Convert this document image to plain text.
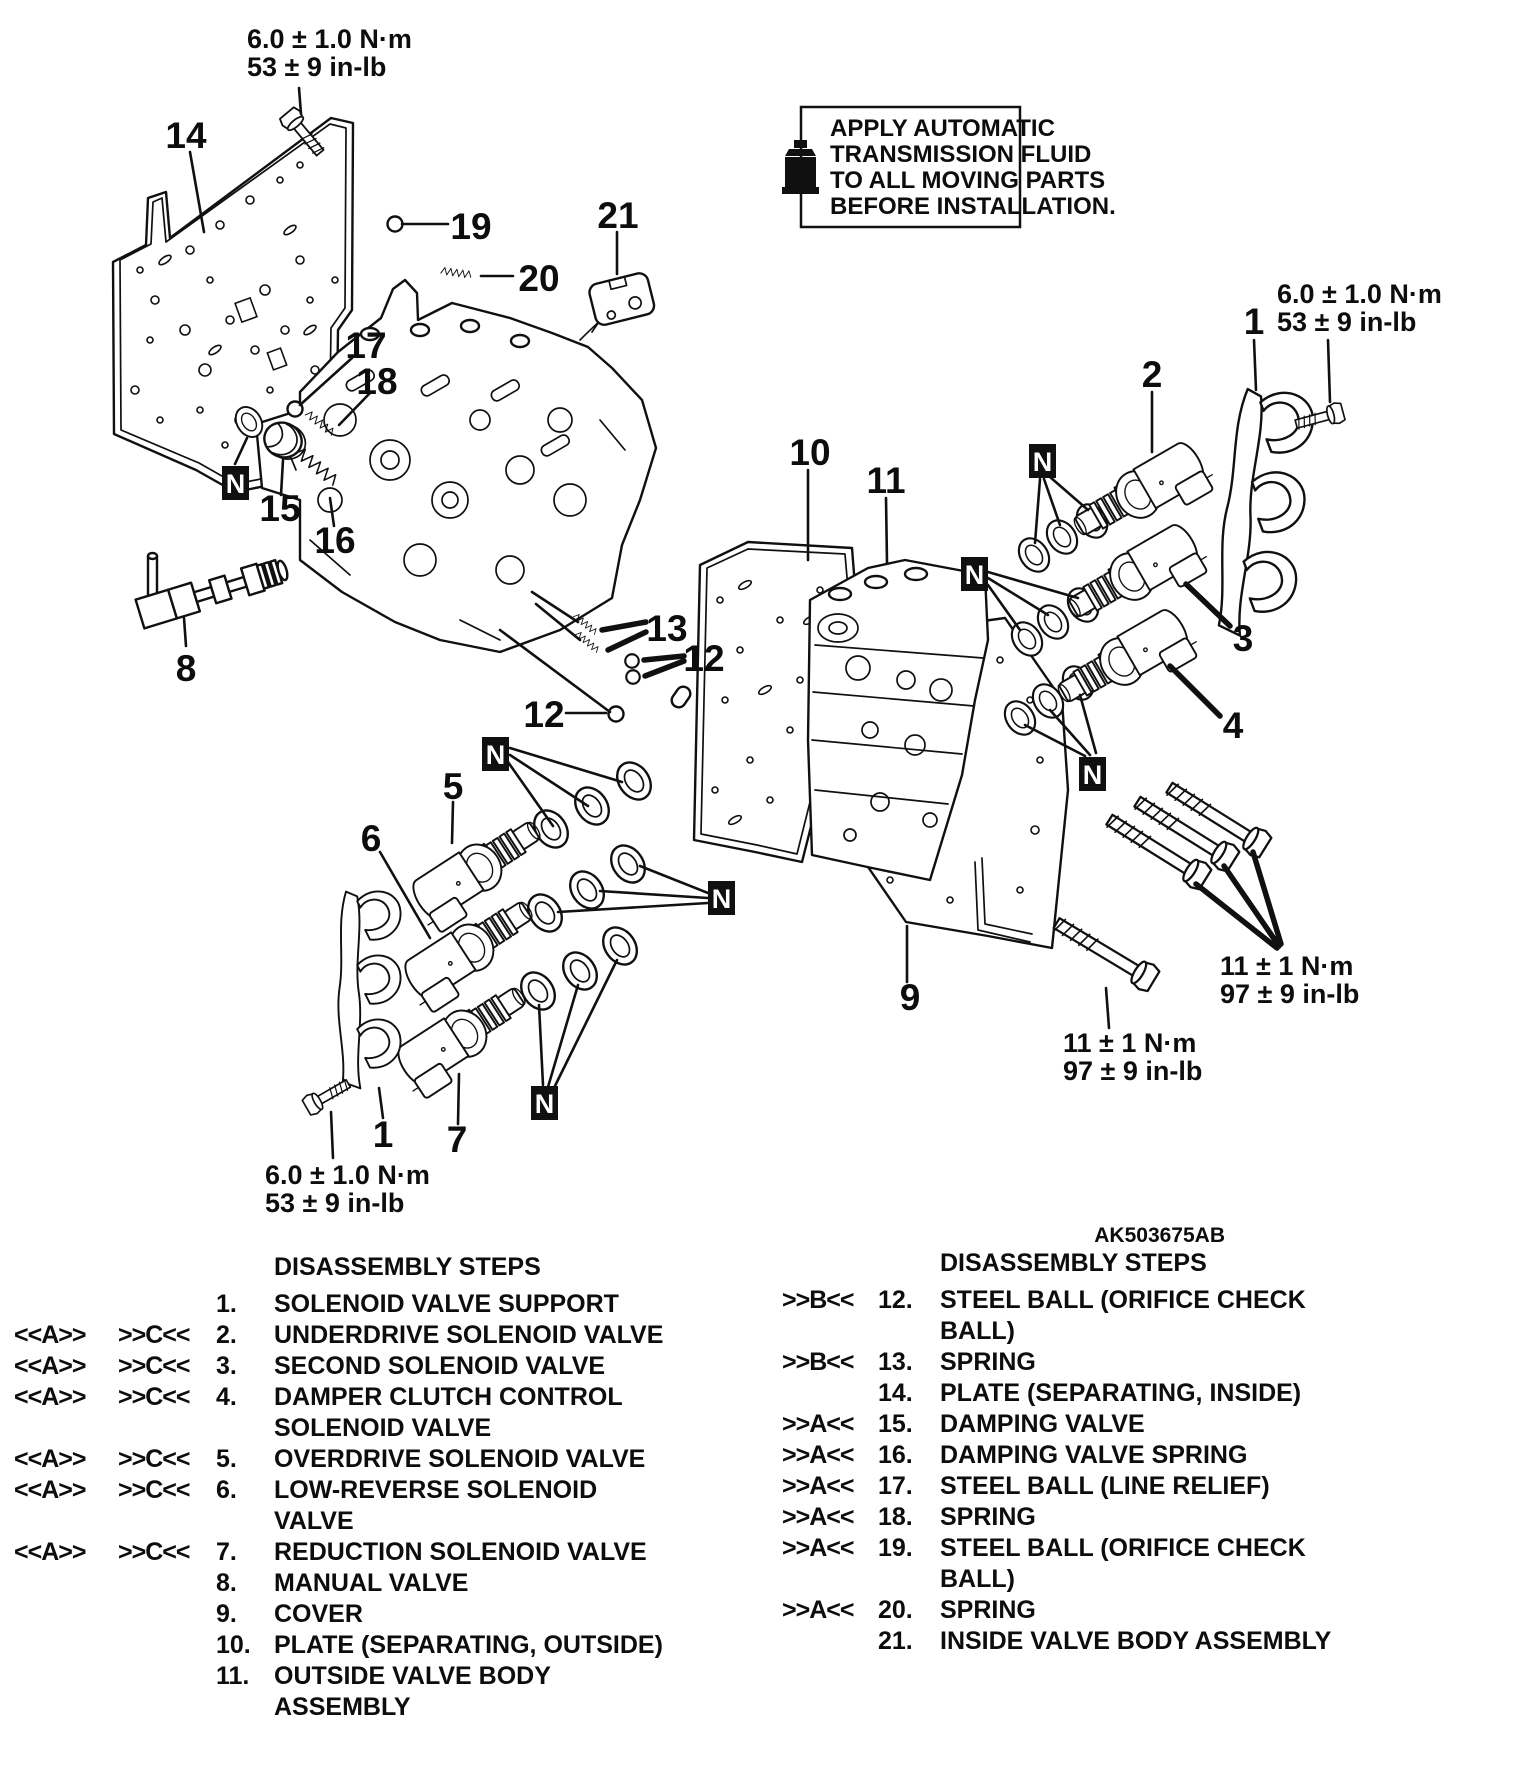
APPLY AUTOMATIC
TRANSMISSION FLUID
TO ALL MOVING PARTS
BEFORE INSTALLATION.
6.0 ± 1.0 N·m
53 ± 9 in-lb
6.0 ± 1.0 N·m
53 ± 9 in-lb
6.0 ± 1.0 N·m
53 ± 9 in-lb
11 ± 1 N·m
97 ± 9 in-lb
11 ± 1 N·m
97 ± 9 in-lb
14
19
20
21
17
18
15
16
8
13
12
12
5
6
1 7
10
11
9
2
3
4
1
N
N
N
N
N
N
N
AK503675AB
DISASSEMBLY STEPS
1.	SOLENOID VALVE SUPPORT
<<A>>	>>C<<	2.	UNDERDRIVE SOLENOID VALVE
<<A>>	>>C<<	3.	SECOND SOLENOID VALVE
<<A>>	>>C<<	4.	DAMPER CLUTCH CONTROL
SOLENOID VALVE
<<A>>	>>C<<	5.	OVERDRIVE SOLENOID VALVE
<<A>>	>>C<<	6.	LOW-REVERSE SOLENOID
VALVE
<<A>>	>>C<<	7.	REDUCTION SOLENOID VALVE
8.	MANUAL VALVE
9.	COVER
10. PLATE (SEPARATING, OUTSIDE)
11. OUTSIDE VALVE BODY
ASSEMBLY
DISASSEMBLY STEPS
>>B<< 12.	STEEL BALL (ORIFICE CHECK
BALL)
>>B<< 13.	SPRING
14.	PLATE (SEPARATING, INSIDE)
>>A<< 15.	DAMPING VALVE
>>A<< 16.	DAMPING VALVE SPRING
>>A<< 17.	STEEL BALL (LINE RELIEF)
>>A<< 18.	SPRING
>>A<< 19.	STEEL BALL (ORIFICE CHECK
BALL)
>>A<< 20.	SPRING
21.	INSIDE VALVE BODY ASSEMBLY
